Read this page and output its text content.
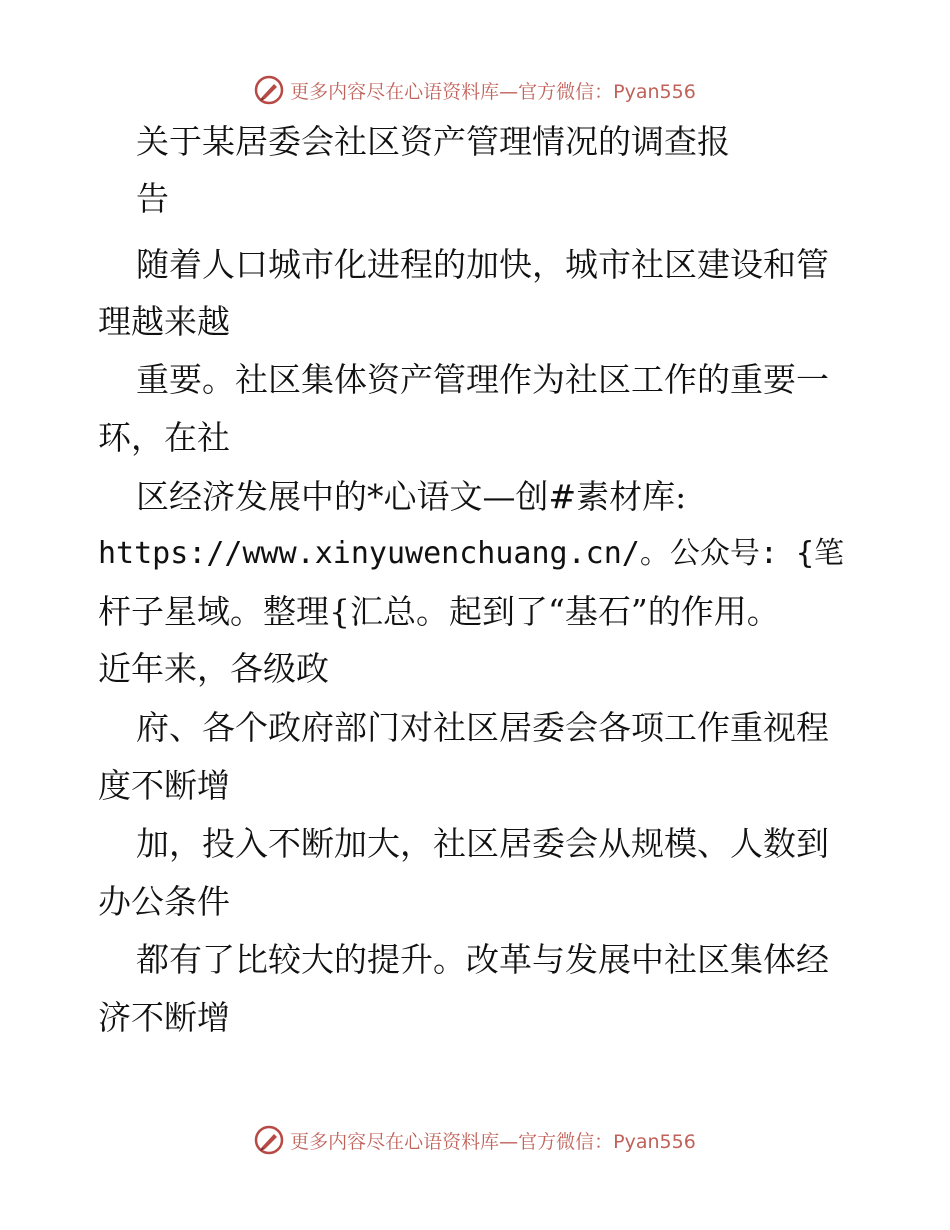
更多内容尽在心语资料库—官方微信：Pyan556
关于某居委会社区资产管理情况的调查报
告
随着人口城市化进程的加快，城市社区建设和管
理越来越
重要。社区集体资产管理作为社区工作的重要一
环，在社
区经济发展中的*心语文—创#素材库:
https://www.xinyuwenchuang.cn/。公众号: {笔
杆子星域。整理{汇总。起到了“基石”的作用。
近年来，各级政
府、各个政府部门对社区居委会各项工作重视程
度不断增
加，投入不断加大，社区居委会从规模、人数到
办公条件
都有了比较大的提升。改革与发展中社区集体经
济不断增
更多内容尽在心语资料库—官方微信：Pyan556
